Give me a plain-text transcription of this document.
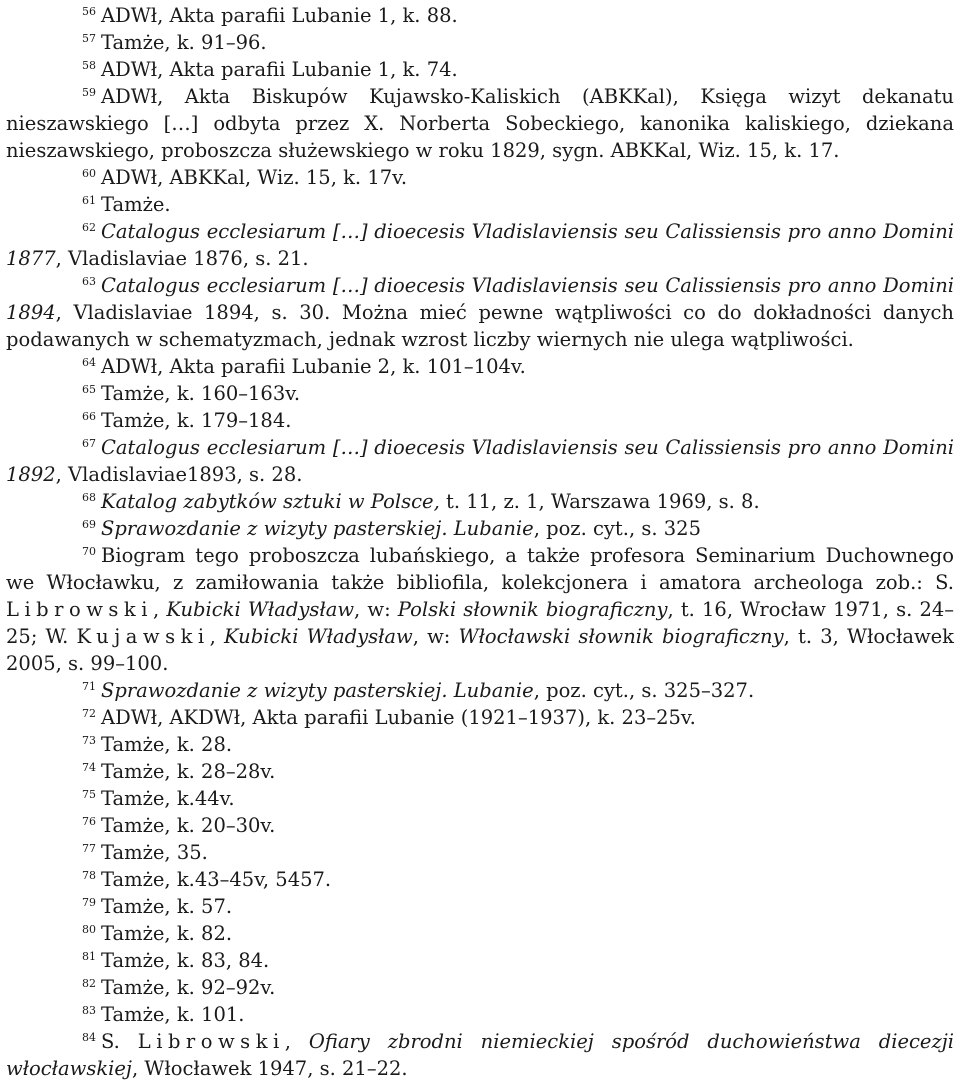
$^{56}$ ADWł, Akta parafii Lubanie 1, k. 88.

$^{57}$ Tamże, k. 91–96.

$^{58}$ ADWł, Akta parafii Lubanie 1, k. 74.

$^{59}$ ADWł, Akta Biskupów Kujawsko-Kaliskich (ABKKal), Księga wizyt dekanatu nieszawskiego […] odbyta przez X. Norberta Sobeckiego, kanonika kaliskiego, dziekana nieszawskiego, proboszcza służewskiego w roku 1829, sygn. ABKKal, Wiz. 15, k. 17.

$^{60}$ ADWł, ABKKal, Wiz. 15, k. 17v.

$^{61}$ Tamże.

$^{62}$ Catalogus ecclesiarum […] dioecesis Vladislaviensis seu Calissiensis pro anno Domini 1877, Vladislaviae 1876, s. 21.

$^{63}$ Catalogus ecclesiarum […] dioecesis Vladislaviensis seu Calissiensis pro anno Domini 1894, Vladislaviae 1894, s. 30. Można mieć pewne wątpliwości co do dokładności danych podawanych w schematyzmach, jednak wzrost liczby wiernych nie ulega wątpliwości.

$^{64}$ ADWł, Akta parafii Lubanie 2, k. 101–104v.

$^{65}$ Tamże, k. 160–163v.

$^{66}$ Tamże, k. 179–184.

$^{67}$ Catalogus ecclesiarum […] dioecesis Vladislaviensis seu Calissiensis pro anno Domini 1892, Vladislaviae1893, s. 28.

$^{68}$ Katalog zabytków sztuki w Polsce, t. 11, z. 1, Warszawa 1969, s. 8.

$^{69}$ Sprawozdanie z wizyty pasterskiej. Lubanie, poz. cyt., s. 325

$^{70}$ Biogram tego proboszcza lubańskiego, a także profesora Seminarium Duchownego we Włocławku, z zamiłowania także bibliofila, kolekcjonera i amatora archeologa zob.: S. Librowski, Kubicki Władysław, w: Polski słownik biograficzny, t. 16, Wrocław 1971, s. 24–25; W. Kujawski, Kubicki Władysław, w: Włocławski słownik biograficzny, t. 3, Włocławek 2005, s. 99–100.

$^{71}$ Sprawozdanie z wizyty pasterskiej. Lubanie, poz. cyt., s. 325–327.

$^{72}$ ADWł, AKDWł, Akta parafii Lubanie (1921–1937), k. 23–25v.

$^{73}$ Tamże, k. 28.

$^{74}$ Tamże, k. 28–28v.

$^{75}$ Tamże, k.44v.

$^{76}$ Tamże, k. 20–30v.

$^{77}$ Tamże, 35.

$^{78}$ Tamże, k.43–45v, 5457.

$^{79}$ Tamże, k. 57.

$^{80}$ Tamże, k. 82.

$^{81}$ Tamże, k. 83, 84.

$^{82}$ Tamże, k. 92–92v.

$^{83}$ Tamże, k. 101.

$^{84}$ S. Librowski, Ofiary zbrodni niemieckiej spośród duchowieństwa diecezji włocławskiej, Włocławek 1947, s. 21–22.
